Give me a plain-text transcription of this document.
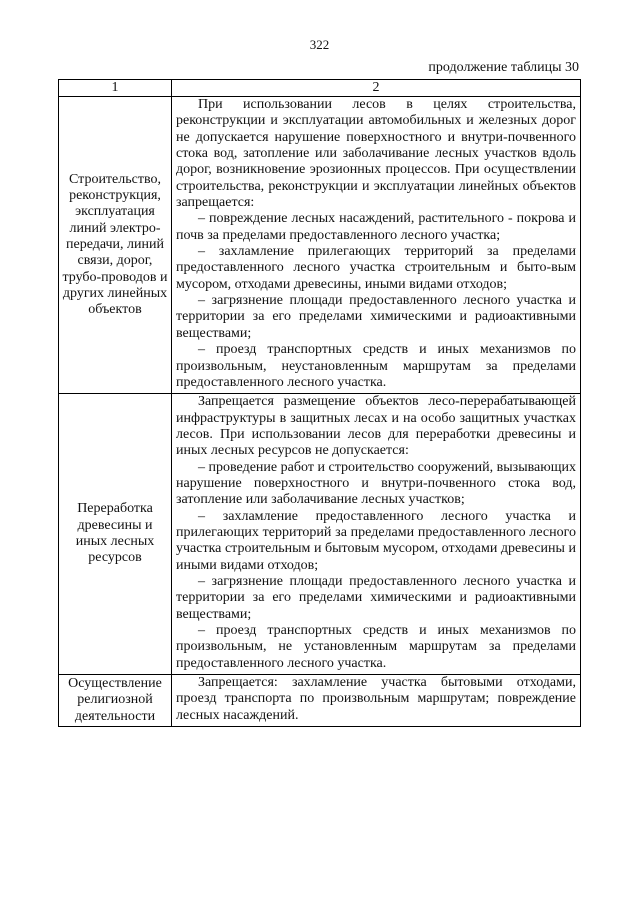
322
продолжение таблицы 30
1	2
Строительство, реконструкция, эксплуатация линий электро-передачи, линий связи, дорог, трубо-проводов и других линейных объектов	При использовании лесов в целях строительства, реконструкции и эксплуатации автомобильных и железных дорог не допускается нарушение поверхностного и внутри-почвенного стока вод, затопление или заболачивание лесных участков вдоль дорог, возникновение эрозионных процессов. При осуществлении строительства, реконструкции и эксплуатации линейных объектов запрещается:

– повреждение лесных насаждений, растительного - покрова и почв за пределами предоставленного лесного участка;

– захламление прилегающих территорий за пределами предоставленного лесного участка строительным и быто-вым мусором, отходами древесины, иными видами отходов;

– загрязнение площади предоставленного лесного участка и территории за его пределами химическими и радиоактивными веществами;

– проезд транспортных средств и иных механизмов по произвольным, неустановленным маршрутам за пределами предоставленного лесного участка.

Переработка древесины и иных лесных ресурсов	Запрещается размещение объектов лесо-перерабатывающей инфраструктуры в защитных лесах и на особо защитных участках лесов. При использовании лесов для переработки древесины и иных лесных ресурсов не допускается:

– проведение работ и строительство сооружений, вызывающих нарушение поверхностного и внутри-почвенного стока вод, затопление или заболачивание лесных участков;

– захламление предоставленного лесного участка и прилегающих территорий за пределами предоставленного лесного участка строительным и бытовым мусором, отходами древесины и иными видами отходов;

– загрязнение площади предоставленного лесного участка и территории за его пределами химическими и радиоактивными веществами;

– проезд транспортных средств и иных механизмов по произвольным, не установленным маршрутам за пределами предоставленного лесного участка.

Осуществление религиозной деятельности	Запрещается: захламление участка бытовыми отходами, проезд транспорта по произвольным маршрутам; повреждение лесных насаждений.
